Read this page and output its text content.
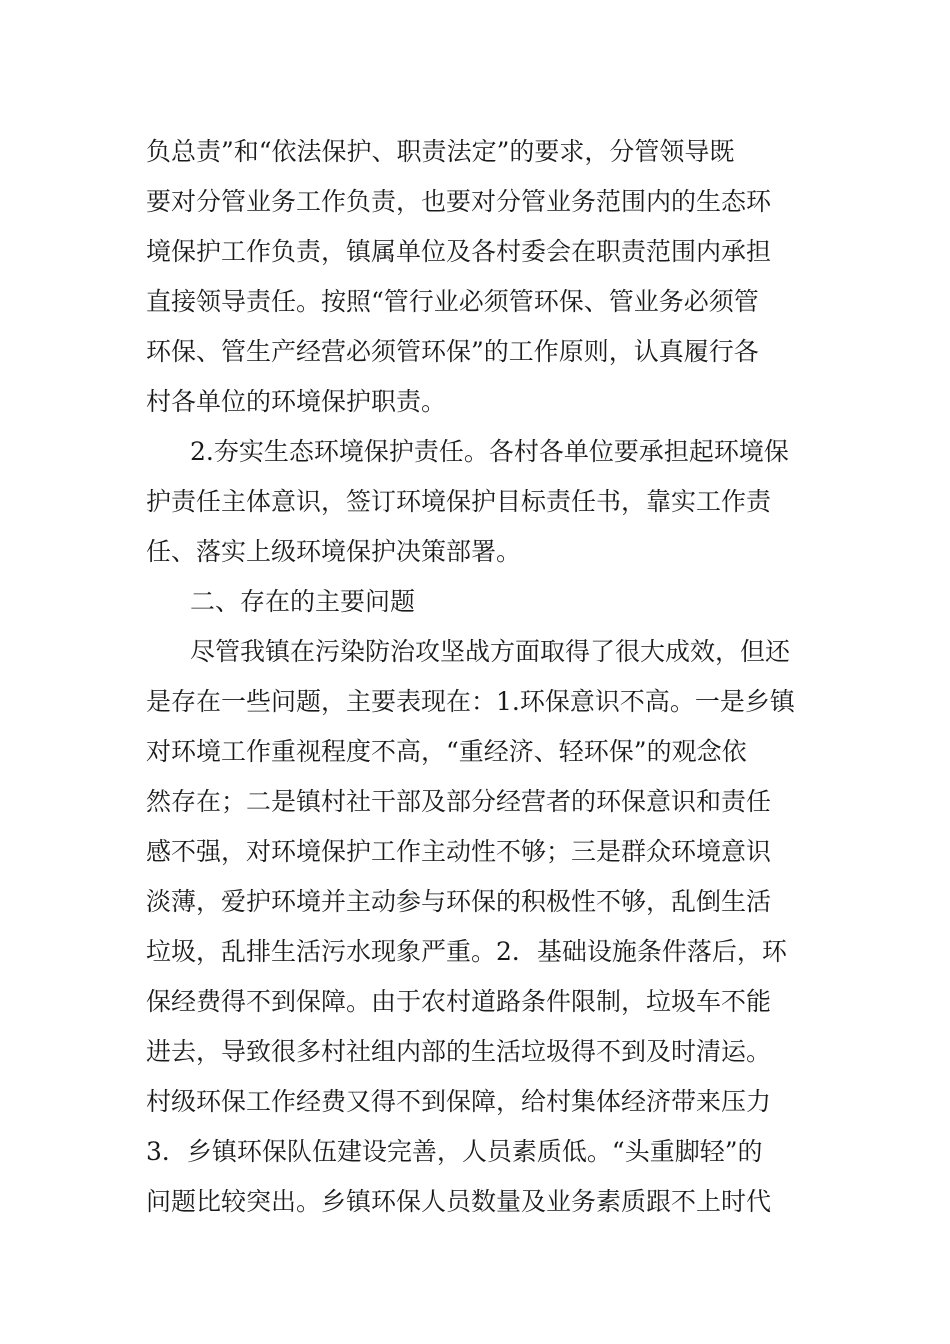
负总责”和“依法保护、职责法定”的要求，分管领导既
要对分管业务工作负责，也要对分管业务范围内的生态环
境保护工作负责，镇属单位及各村委会在职责范围内承担
直接领导责任。按照“管行业必须管环保、管业务必须管
环保、管生产经营必须管环保”的工作原则，认真履行各
村各单位的环境保护职责。
2.夯实生态环境保护责任。各村各单位要承担起环境保
护责任主体意识，签订环境保护目标责任书，靠实工作责
任、落实上级环境保护决策部署。
二、存在的主要问题
尽管我镇在污染防治攻坚战方面取得了很大成效，但还
是存在一些问题，主要表现在：1.环保意识不高。一是乡镇
对环境工作重视程度不高，“重经济、轻环保”的观念依
然存在；二是镇村社干部及部分经营者的环保意识和责任
感不强，对环境保护工作主动性不够；三是群众环境意识
淡薄，爱护环境并主动参与环保的积极性不够，乱倒生活
垃圾，乱排生活污水现象严重。2．基础设施条件落后，环
保经费得不到保障。由于农村道路条件限制，垃圾车不能
进去，导致很多村社组内部的生活垃圾得不到及时清运。
村级环保工作经费又得不到保障，给村集体经济带来压力
3．乡镇环保队伍建设完善，人员素质低。“头重脚轻”的
问题比较突出。乡镇环保人员数量及业务素质跟不上时代
